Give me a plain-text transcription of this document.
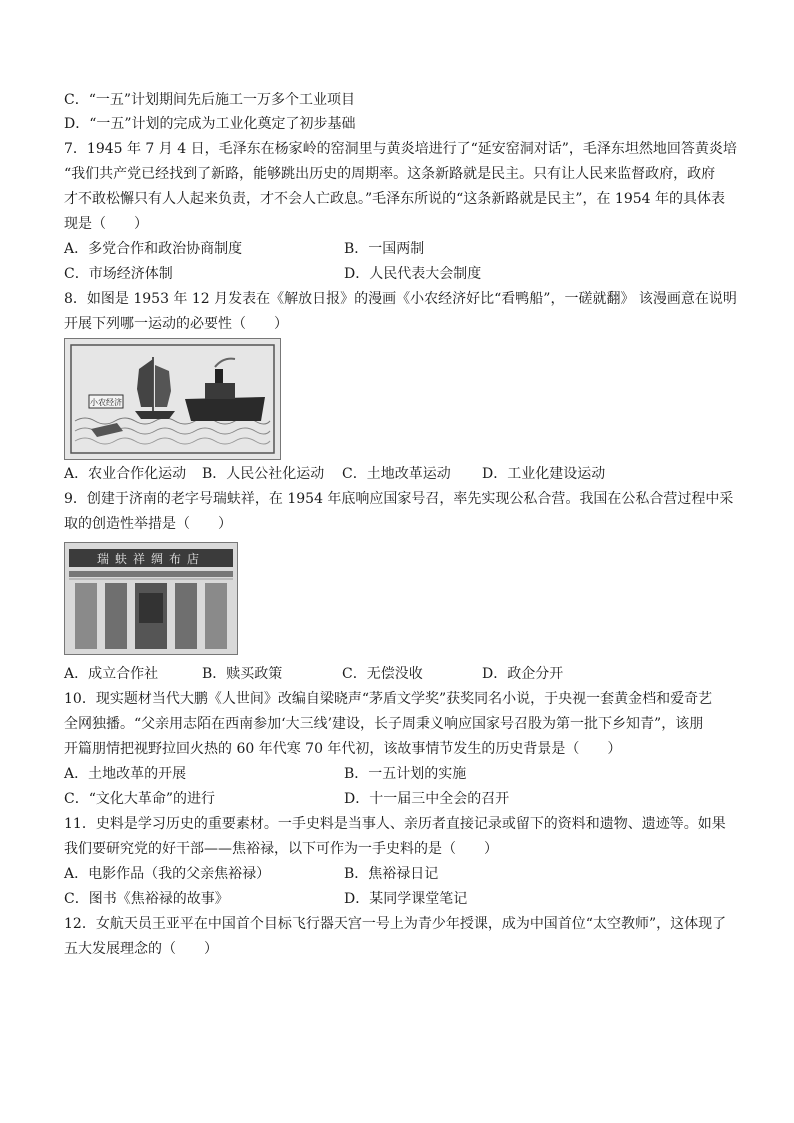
C．“一五”计划期间先后施工一万多个工业项目
D．“一五”计划的完成为工业化奠定了初步基础
7．1945 年 7 月 4 日，毛泽东在杨家岭的窑洞里与黄炎培进行了“延安窑洞对话”，毛泽东坦然地回答黄炎培
“我们共产党已经找到了新路，能够跳出历史的周期率。这条新路就是民主。只有让人民来监督政府，政府
才不敢松懈只有人人起来负责，才不会人亡政息。”毛泽东所说的“这条新路就是民主”，在 1954 年的具体表
现是（　　）
A．多党合作和政治协商制度	B．一国两制
C．市场经济体制	D．人民代表大会制度
8．如图是 1953 年 12 月发表在《解放日报》的漫画《小农经济好比“看鸭船”，一磋就翻》 该漫画意在说明
开展下列哪一运动的必要性（　　）
小农经济
A．农业合作化运动 B．人民公社化运动 C．土地改革运动 D．工业化建设运动
9．创建于济南的老字号瑞蚨祥，在 1954 年底响应国家号召，率先实现公私合营。我国在公私合营过程中采
取的创造性举措是（　　）
瑞蚨祥绸布店
A．成立合作社	B．赎买政策	C．无偿没收	D．政企分开
10．现实题材当代大鹏《人世间》改编自梁晓声“茅盾文学奖”获奖同名小说，于央视一套黄金档和爱奇艺
全网独播。“父亲用志陌在西南参加‘大三线’建设，长子周秉义响应国家号召股为第一批下乡知青”，该朋
开篇朋情把视野拉回火热的 60 年代寒 70 年代初，该故事情节发生的历史背景是（　　）
A．土地改革的开展	B．一五计划的实施
C．“文化大革命”的进行	D．十一届三中全会的召开
11．史料是学习历史的重要素材。一手史料是当事人、亲历者直接记录或留下的资料和遗物、遗迹等。如果
我们要研究党的好干部——焦裕禄，以下可作为一手史料的是（　　）
A．电影作品（我的父亲焦裕禄）	B．焦裕禄日记
C．图书《焦裕禄的故事》	D．某同学课堂笔记
12．女航天员王亚平在中国首个目标飞行器天宫一号上为青少年授课，成为中国首位“太空教师”，这体现了
五大发展理念的（　　）
